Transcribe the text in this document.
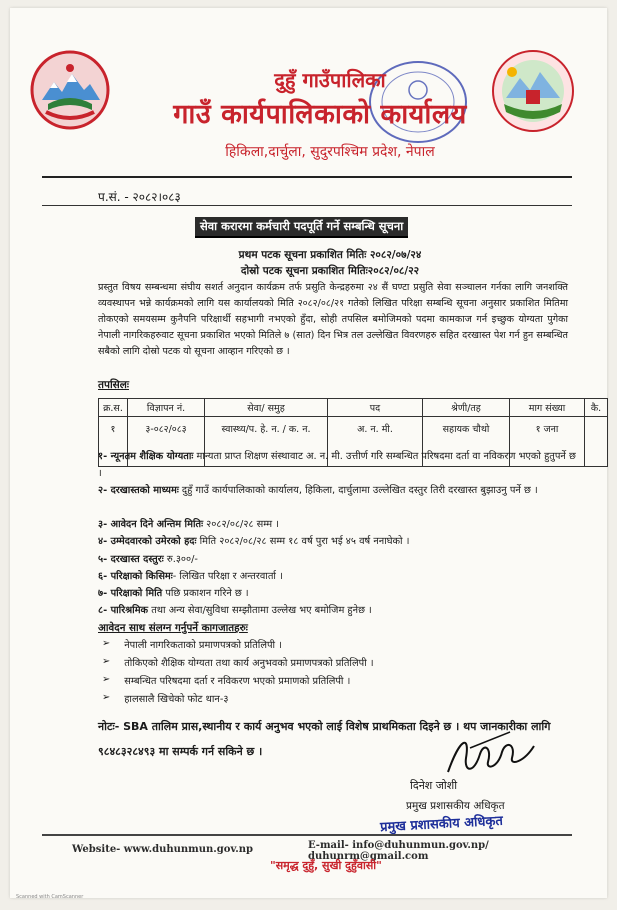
दुहुँ गाउँपालिका
गाउँ कार्यपालिकाको कार्यालय
हिकिला,दार्चुला, सुदुरपश्चिम प्रदेश, नेपाल
प.सं. - २०८२।०८३
सेवा करारमा कर्मचारी पदपूर्ति गर्ने सम्बन्धि सूचना
प्रथम पटक सूचना प्रकाशित मितिः २०८२/०७/२४
दोस्रो पटक सूचना प्रकाशित मितिः२०८२/०८/२२
प्रस्तुत विषय सम्बन्धमा संघीय सशर्त अनुदान कार्यक्रम तर्फ प्रसुति केन्द्रहरुमा २४ सैं घण्टा प्रसुति सेवा सञ्चालन गर्नका लागि जनशक्ति व्यवस्थापन भन्ने कार्यक्रमको लागि यस कार्यालयको मिति २०८२/०८/२१ गतेको लिखित परिक्षा सम्बन्धि सूचना अनुसार प्रकाशित मितिमा तोकएको समयसम्म कुनैपनि परिक्षार्थी सहभागी नभएको हुँदा, सोही तपसिल बमोजिमको पदमा कामकाज गर्न इच्छुक योग्यता पुगेका नेपाली नागरिकहरुवाट सूचना प्रकाशित भएको मितिले ७ (सात) दिन भित्र तल उल्लेखित विवरणहरु सहित दरखास्त पेश गर्न हुन सम्बन्धित सबैको लागि दोस्रो पटक यो सूचना आव्हान गरिएको छ ।
तपसिलः
क्र.स.	विज्ञापन नं.	सेवा/ समुह	पद	श्रेणी/तह	माग संख्या	कै.
१	३-०८२/०८३	स्वास्थ्य/प. हे. न. / क. न.	अ. न. मी.	सहायक चौथो	१ जना	
१- न्यूनतम शैक्षिक योग्यताः मान्यता प्राप्त शिक्षण संस्थावाट अ. न. मी. उत्तीर्ण गरि सम्बन्धित परिषदमा दर्ता वा नविकरण भएको हुतुपर्ने छ ।
२- दरखास्तको माध्यमः दुहुँ गाउँ कार्यपालिकाको कार्यालय, हिकिला, दार्चुलामा उल्लेखित दस्तुर तिरी दरखास्त बुझाउनु पर्ने छ ।
३- आवेदन दिने अन्तिम मितिः २०८२/०८/२८ सम्म ।
४- उम्मेदवारको उमेरको हदः मिति २०८२/०८/२८ सम्म १८ वर्ष पुरा भई ४५ वर्ष ननाघेको ।
५- दरखास्त दस्तुरः रु.३००/-
६- परिक्षाको किसिमः- लिखित परिक्षा र अन्तरवार्ता ।
७- परिक्षाको मिति पछि प्रकाशन गरिने छ ।
८- पारिश्रमिक तथा अन्य सेवा/सुविधा सम्झौतामा उल्लेख भए बमोजिम हुनेछ ।
आवेदन साथ संलग्न गर्नुपर्ने कागजातहरुः
➢ नेपाली नागरिकताको प्रमाणपत्रको प्रतिलिपी ।
➢ तोकिएको शैक्षिक योग्यता तथा कार्य अनुभवको प्रमाणपत्रको प्रतिलिपी ।
➢ सम्बन्धित परिषदमा दर्ता र नविकरण भएको प्रमाणको प्रतिलिपी ।
➢ हालसालै खिचेको फोट थान-३
नोटः- SBA तालिम प्रास,स्थानीय र कार्य अनुभव भएको लाई विशेष प्राथमिकता दिइने छ । थप जानकारीका लागि ९८४८३२८४९३ मा सम्पर्क गर्न सकिने छ ।
दिनेश जोशी
प्रमुख प्रशासकीय अधिकृत
प्रमुख प्रशासकीय अधिकृत
Website- www.duhunmun.gov.np	E-mail- info@duhunmun.gov.np/ duhunrm@gmail.com
"समृद्ध दुहुँ, सुखी दुहुँवासी"
Scanned with CamScanner
